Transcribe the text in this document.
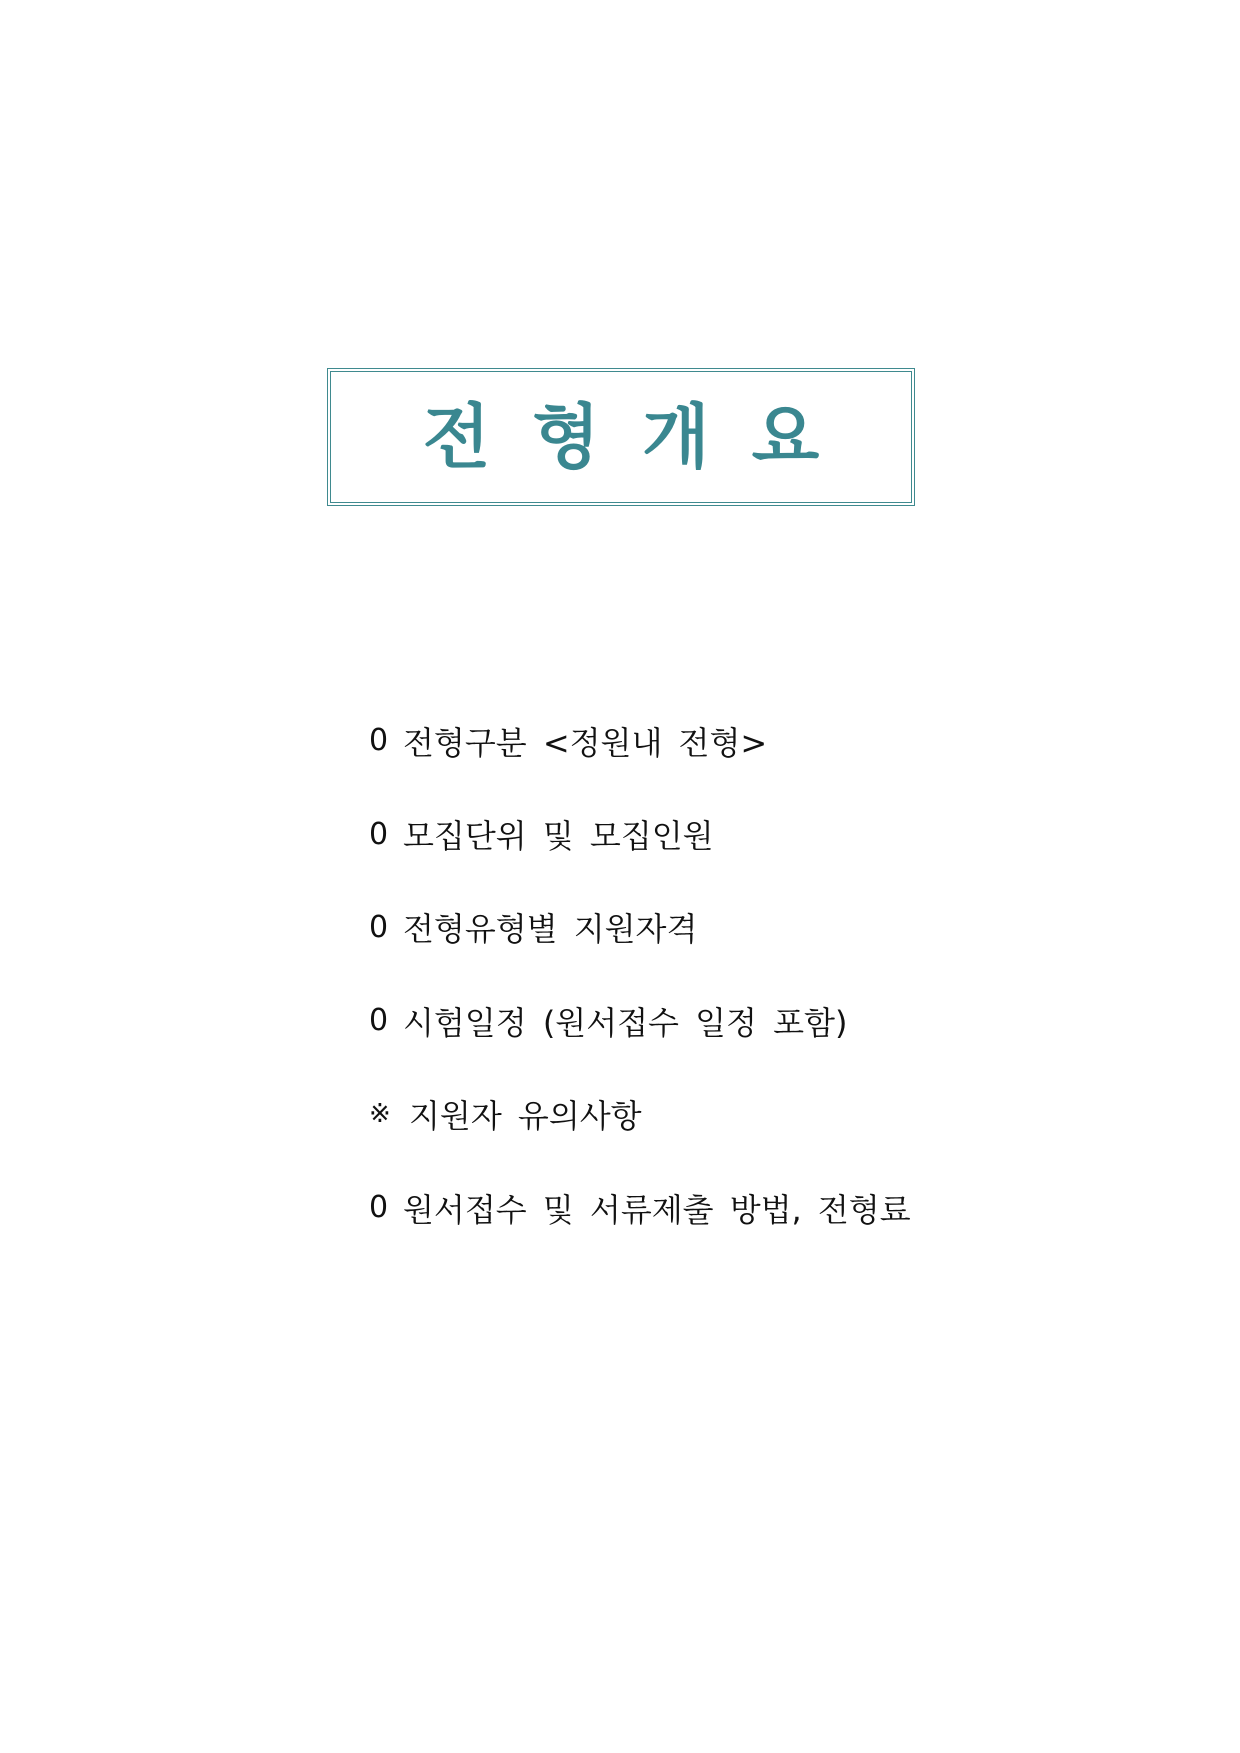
전형개요
0 전형구분 <정원내 전형>
0 모집단위 및 모집인원
0 전형유형별 지원자격
0 시험일정 (원서접수 일정 포함)
※ 지원자 유의사항
0 원서접수 및 서류제출 방법, 전형료
